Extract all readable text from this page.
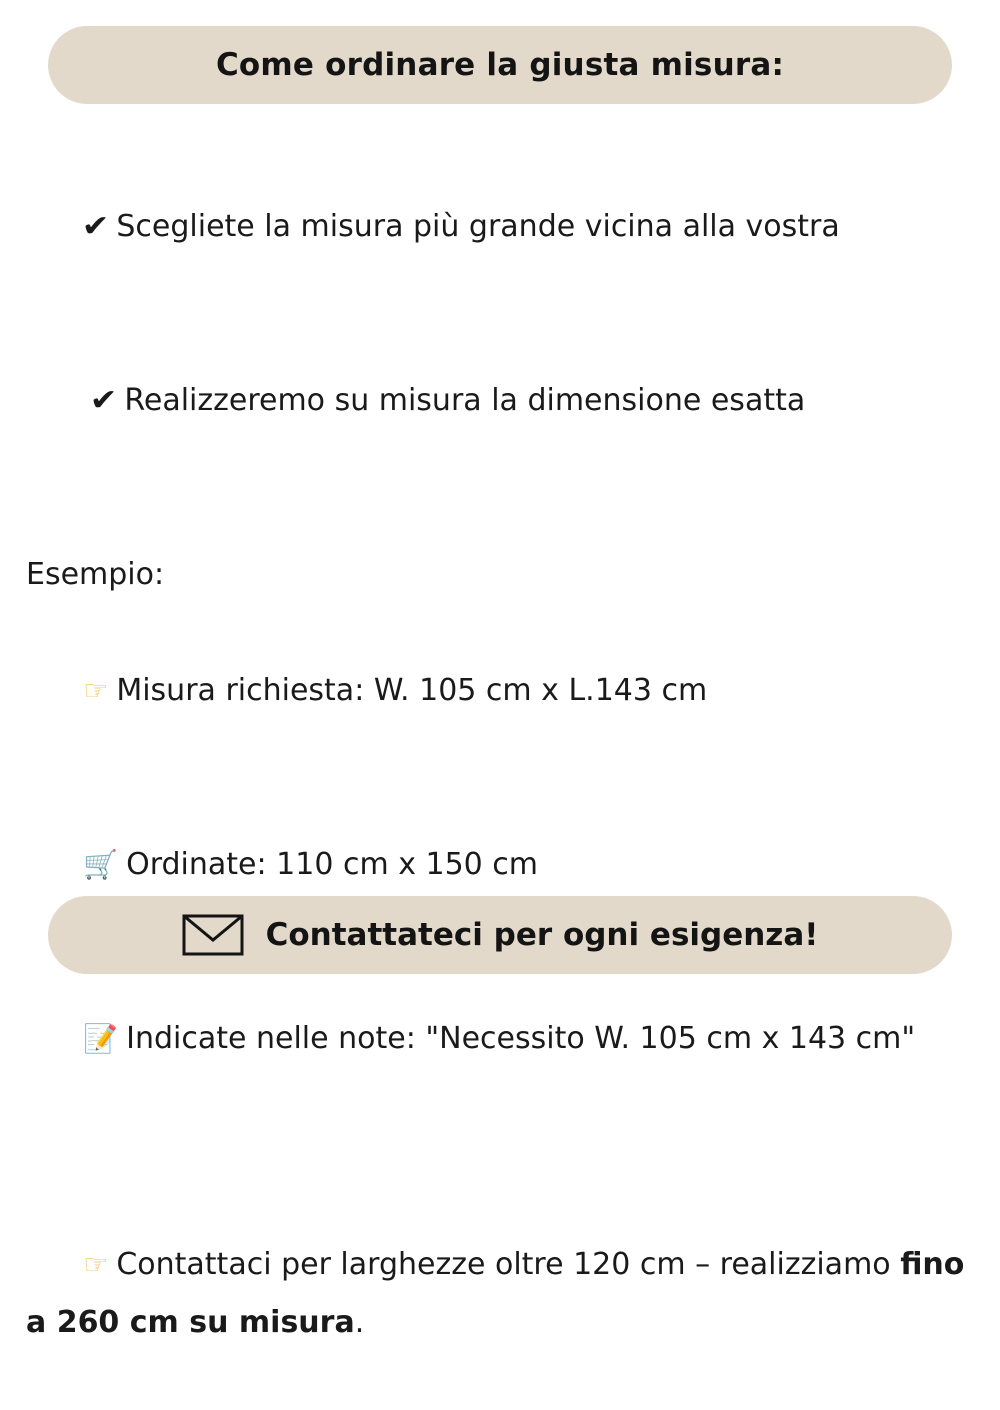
Come ordinare la giusta misura:

✔ Scegliete la misura più grande vicina alla vostra

✔ Realizzeremo su misura la dimensione esatta

Esempio:

☞ Misura richiesta: W. 105 cm x L.143 cm

🛒 Ordinate: 110 cm x 150 cm

📝 Indicate nelle note: "Necessito W. 105 cm x 143 cm"

☞ Contattaci per larghezze oltre 120 cm – realizziamo fino a 260 cm su misura.

Contattateci per ogni esigenza!
